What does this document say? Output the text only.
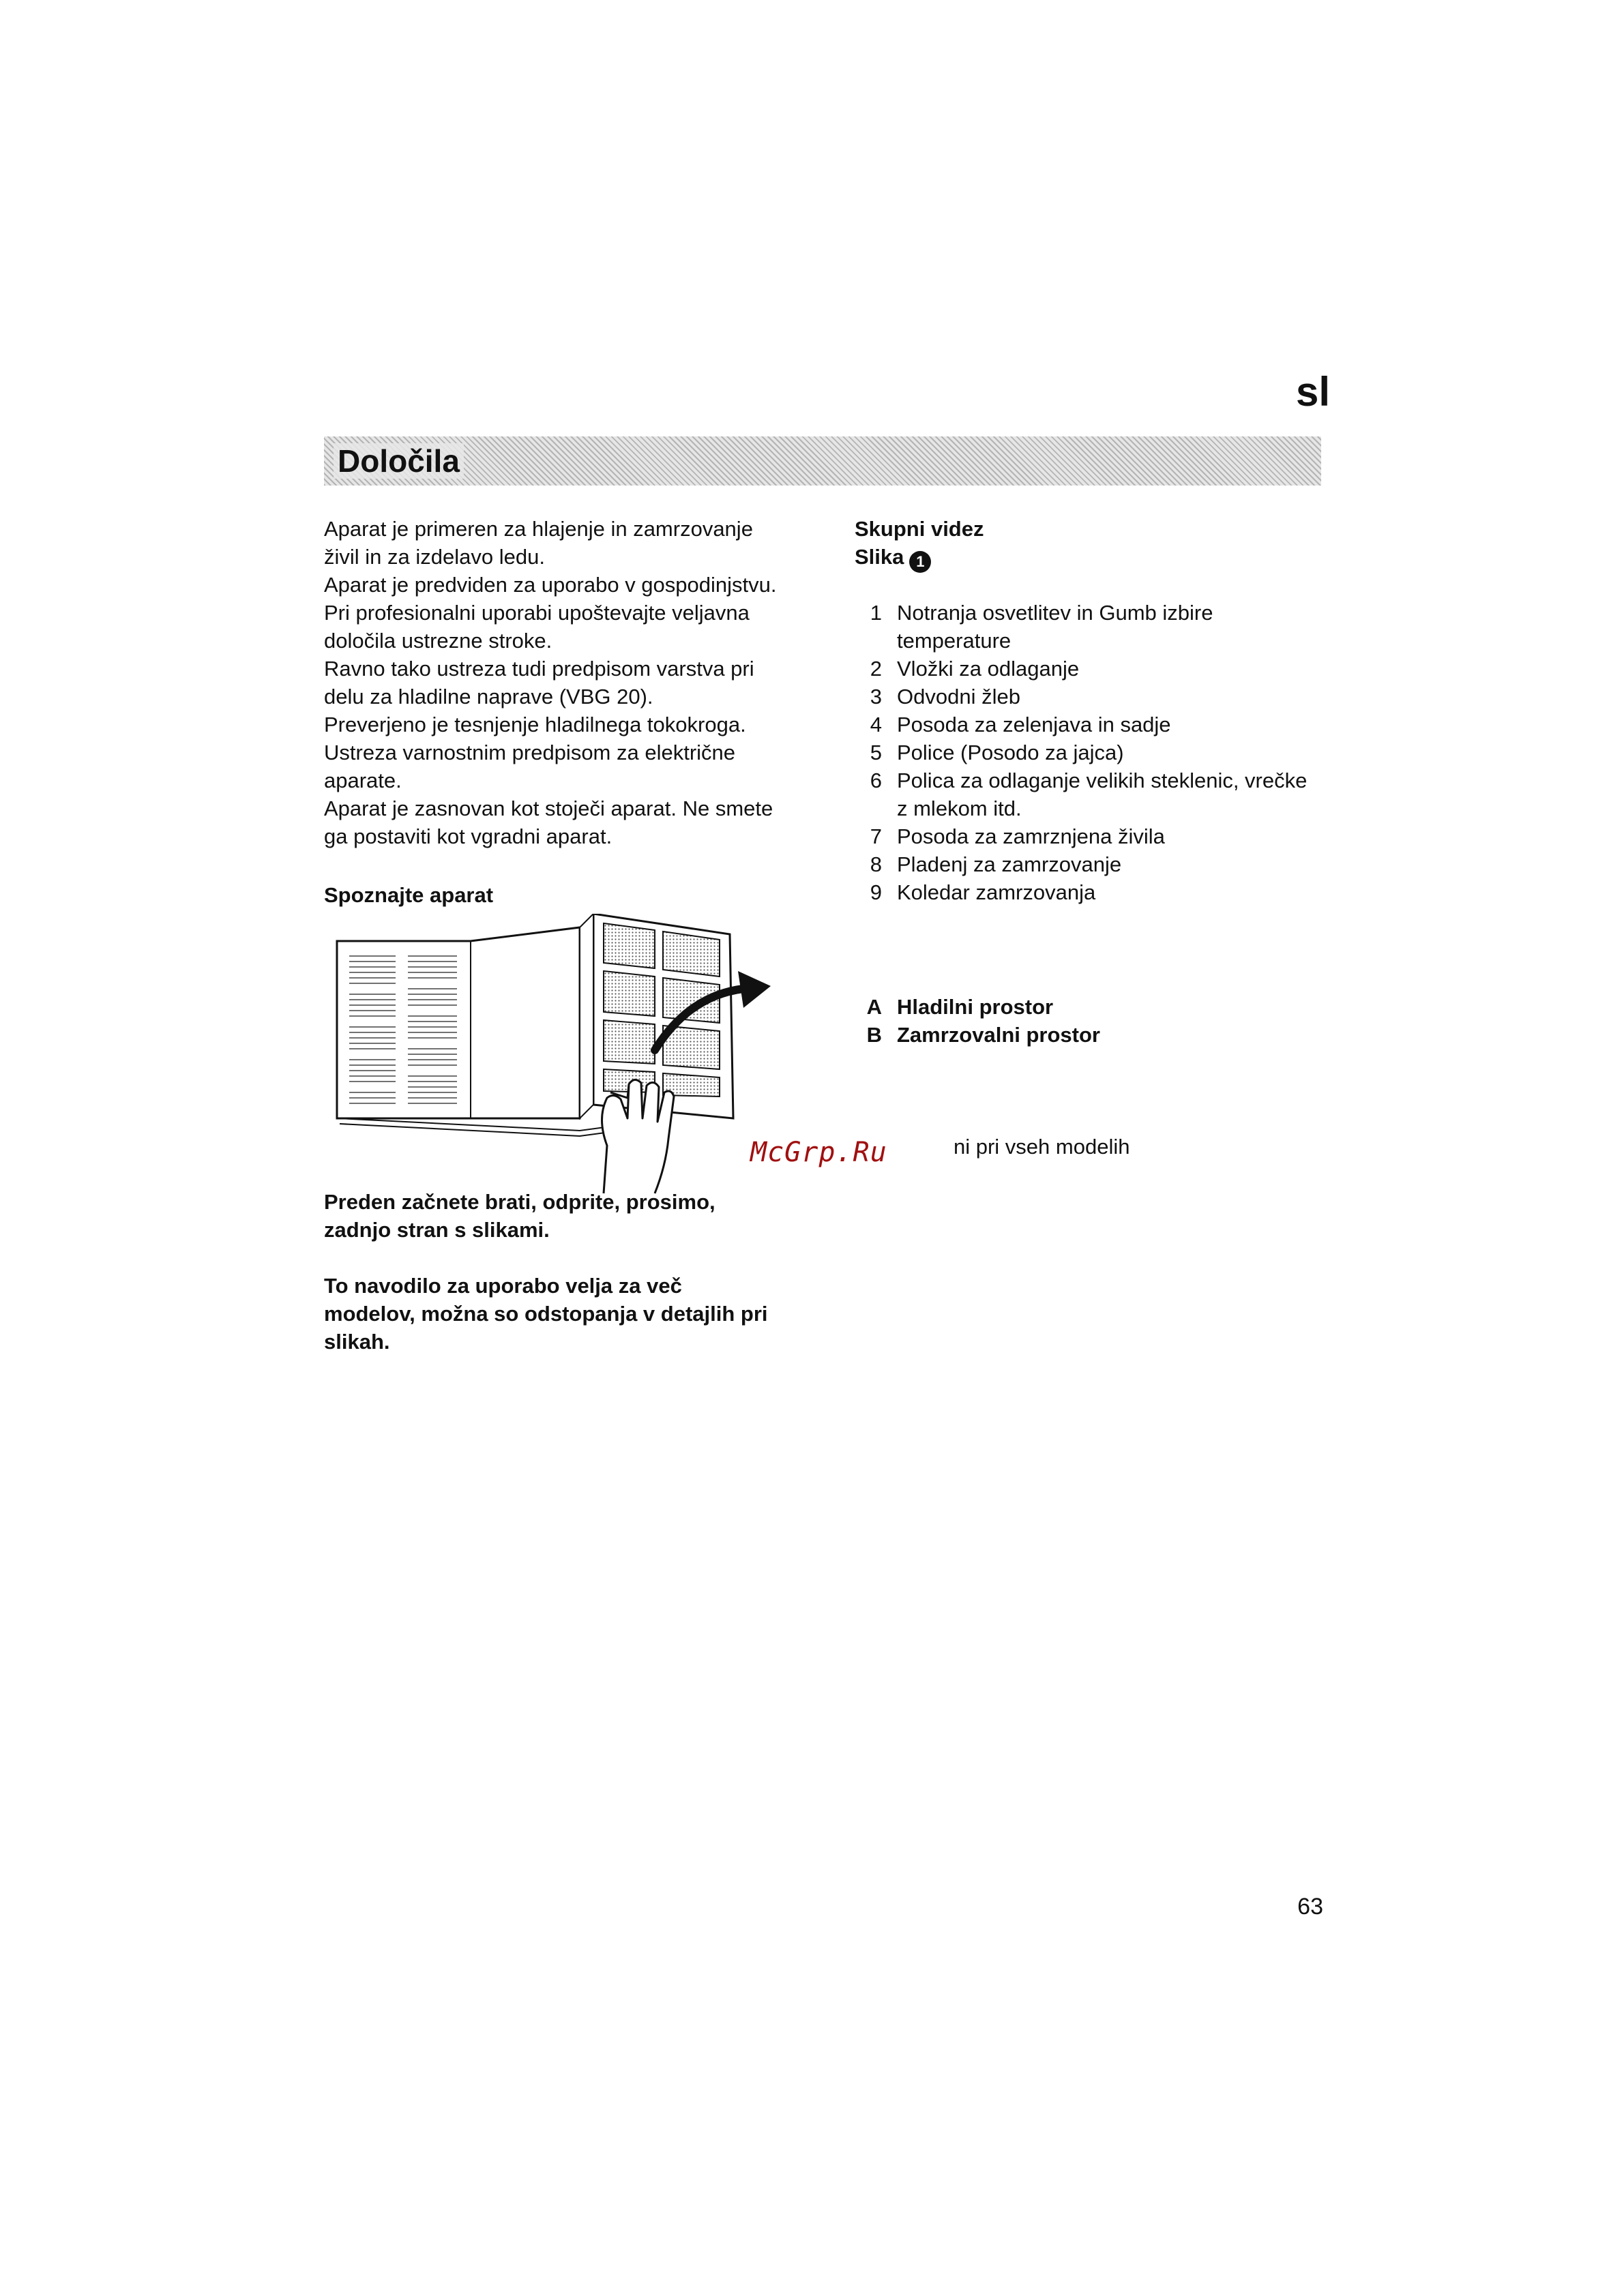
sl
Določila

Aparat je primeren za hlajenje in zamrzovanje

živil in za izdelavo ledu.

Aparat je predviden za uporabo v gospodinjstvu.

Pri profesionalni uporabi upoštevajte veljavna

določila ustrezne stroke.

Ravno tako ustreza tudi predpisom varstva pri

delu za hladilne naprave (VBG 20).

Preverjeno je tesnjenje hladilnega tokokroga.

Ustreza varnostnim predpisom za električne

aparate.

Aparat je zasnovan kot stoječi aparat. Ne smete

ga postaviti kot vgradni aparat.

Spoznajte aparat
Preden začnete brati, odprite, prosimo,
zadnjo stran s slikami.
To navodilo za uporabo velja za več
modelov, možna so odstopanja v detajlih pri
slikah.
Skupni videz
Slika 1
1 Notranja osvetlitev in Gumb izbire
temperature
2 Vložki za odlaganje
3 Odvodni žleb
4 Posoda za zelenjava in sadje
5 Police (Posodo za jajca)
6 Polica za odlaganje velikih steklenic, vrečke
z mlekom itd.
7 Posoda za zamrznjena živila
8 Pladenj za zamrzovanje
9 Koledar zamrzovanja
A Hladilni prostor
B Zamrzovalni prostor
McGrp.Ru	ni pri vseh modelih
63
